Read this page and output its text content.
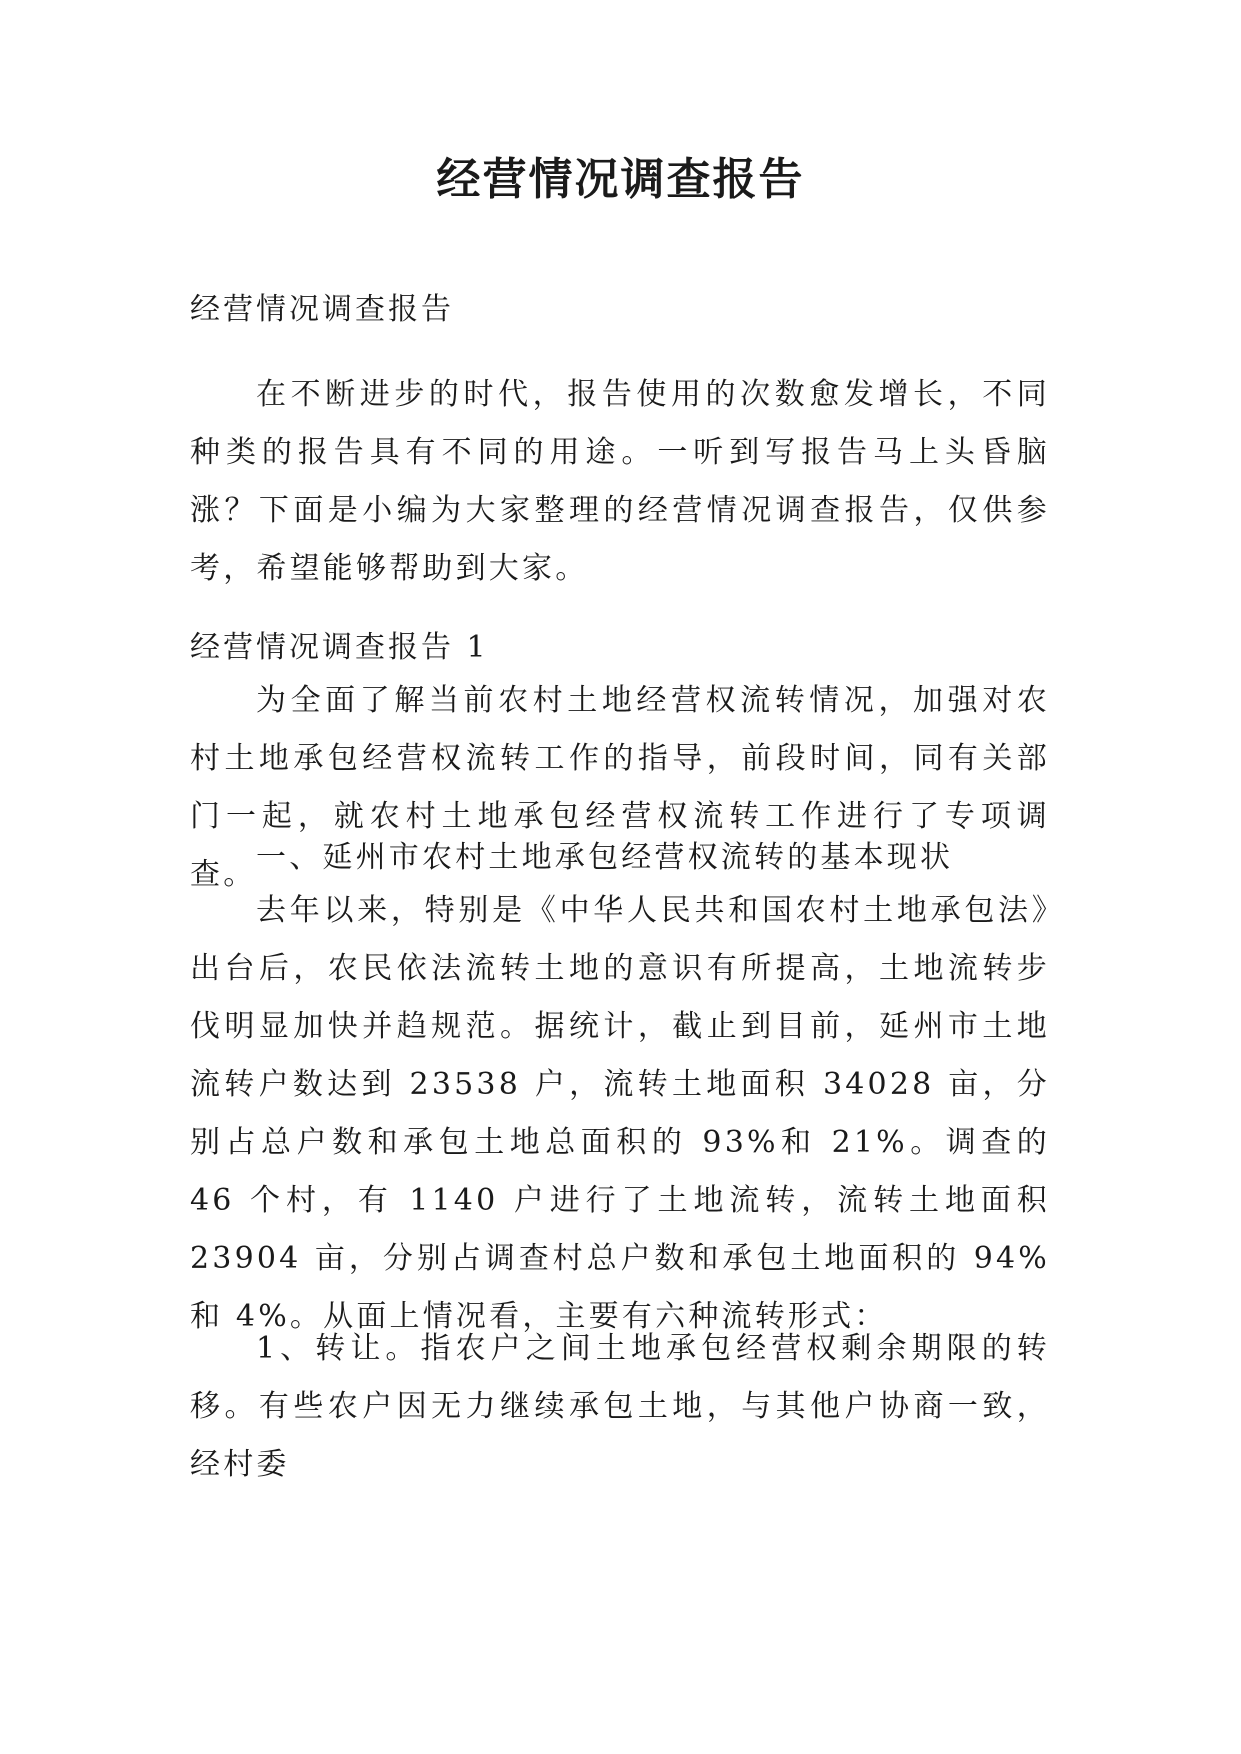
经营情况调查报告
经营情况调查报告

在不断进步的时代，报告使用的次数愈发增长，不同种类的报告具有不同的用途。一听到写报告马上头昏脑涨？下面是小编为大家整理的经营情况调查报告，仅供参考，希望能够帮助到大家。

经营情况调查报告 1

为全面了解当前农村土地经营权流转情况，加强对农村土地承包经营权流转工作的指导，前段时间，同有关部门一起，就农村土地承包经营权流转工作进行了专项调查。 一、延州市农村土地承包经营权流转的基本现状

去年以来，特别是《中华人民共和国农村土地承包法》出台后，农民依法流转土地的意识有所提高，土地流转步伐明显加快并趋规范。据统计，截止到目前，延州市土地流转户数达到 23538 户，流转土地面积 34028 亩，分别占总户数和承包土地总面积的 93%和 21%。调查的 46 个村，有 1140 户进行了土地流转，流转土地面积 23904 亩，分别占调查村总户数和承包土地面积的 94%和 4%。从面上情况看，主要有六种流转形式：

1、转让。指农户之间土地承包经营权剩余期限的转移。有些农户因无力继续承包土地，与其他户协商一致，经村委
